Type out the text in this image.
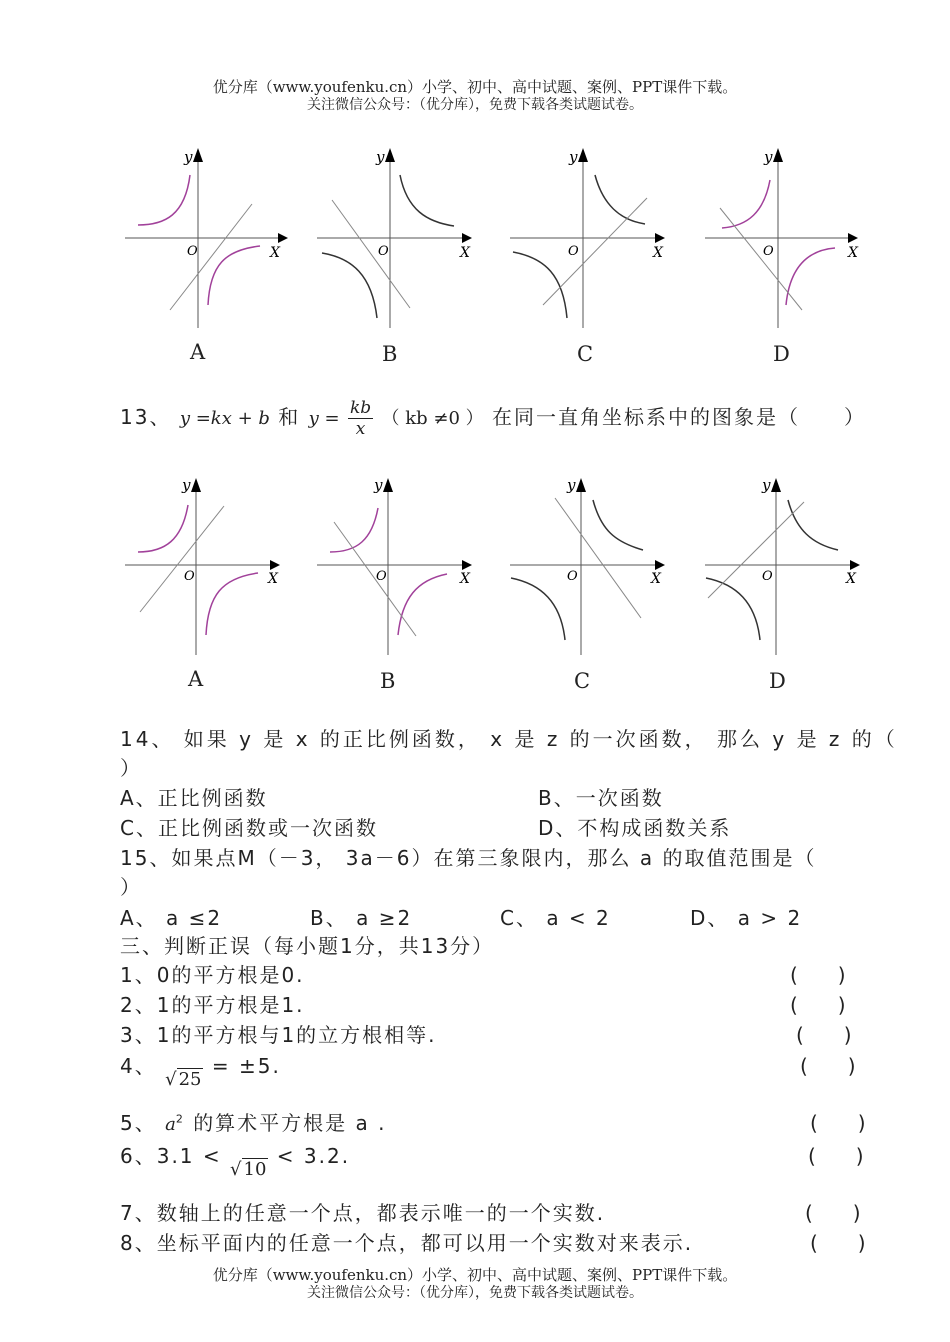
优分库（www.youfenku.cn）小学、初中、高中试题、案例、PPT课件下载。
关注微信公众号：（优分库），免费下载各类试题试卷。
y
X
O
y
X
O
y
X
O
y
X
O
A	B	C	D
13、 y =kx + b 和 $y = \frac{kb}{x}$ （ kb ≠0 ） 在同一直角坐标系中的图象是（　　）
y
X
O
y
X
O
y
X
O
y
X
O
A	B	C	D
14、 如果 y 是 x 的正比例函数， x 是 z 的一次函数， 那么 y 是 z 的（
）
A、正比例函数	B、一次函数
C、正比例函数或一次函数	D、不构成函数关系
15、如果点M（－3， 3a－6）在第三象限内，那么 a 的取值范围是（
）
A、 a ≤2	B、 a ≥2	C、 a < 2	D、 a > 2
三、判断正误（每小题1分，共13分）
1、0的平方根是0.	(　　)
2、1的平方根是1.	(　　)
3、1的平方根与1的立方根相等.	(　　)
4、 √ 25 = ±5.	(　　)
5、 $a^2$ 的算术平方根是 a .	(　　)
6、3.1 < √ 10 < 3.2.	(　　)
7、数轴上的任意一个点，都表示唯一的一个实数.	(　　)
8、坐标平面内的任意一个点，都可以用一个实数对来表示.	(　　)
优分库（www.youfenku.cn）小学、初中、高中试题、案例、PPT课件下载。
关注微信公众号：（优分库），免费下载各类试题试卷。
